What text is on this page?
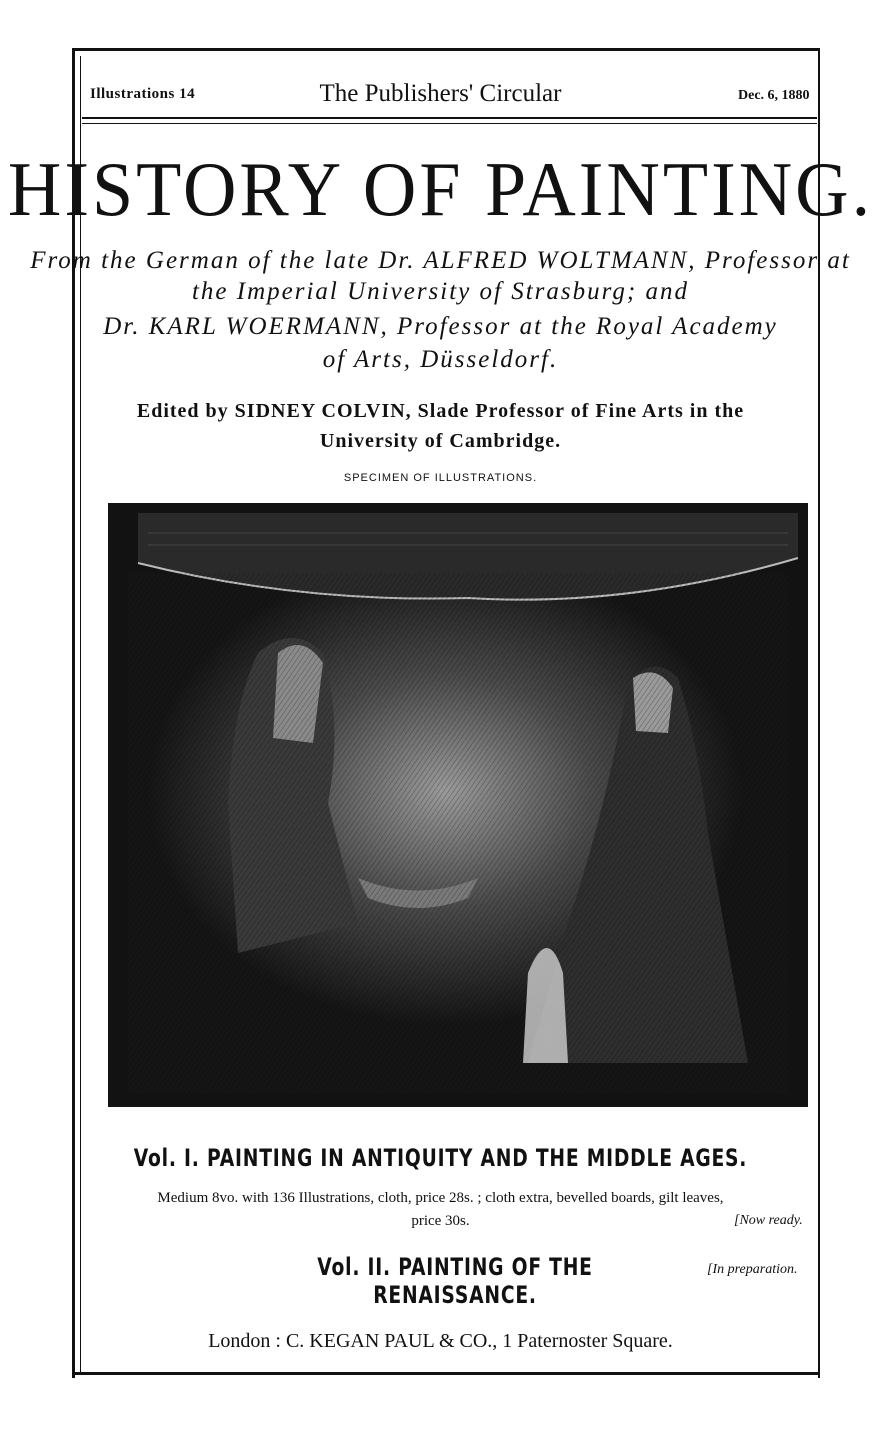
Illustrations 14	The Publishers' Circular	Dec. 6, 1880
HISTORY OF PAINTING.
From the German of the late Dr. ALFRED WOLTMANN, Professor at
the Imperial University of Strasburg; and
Dr. KARL WOERMANN, Professor at the Royal Academy
of Arts, Düsseldorf.
Edited by SIDNEY COLVIN, Slade Professor of Fine Arts in the
University of Cambridge.
SPECIMEN OF ILLUSTRATIONS.
Vol. I. PAINTING IN ANTIQUITY AND THE MIDDLE AGES.
Medium 8vo. with 136 Illustrations, cloth, price 28s. ; cloth extra, bevelled boards, gilt leaves,
price 30s.	[Now ready.
Vol. II. PAINTING OF THE RENAISSANCE.
[In preparation.
London : C. KEGAN PAUL & CO., 1 Paternoster Square.
